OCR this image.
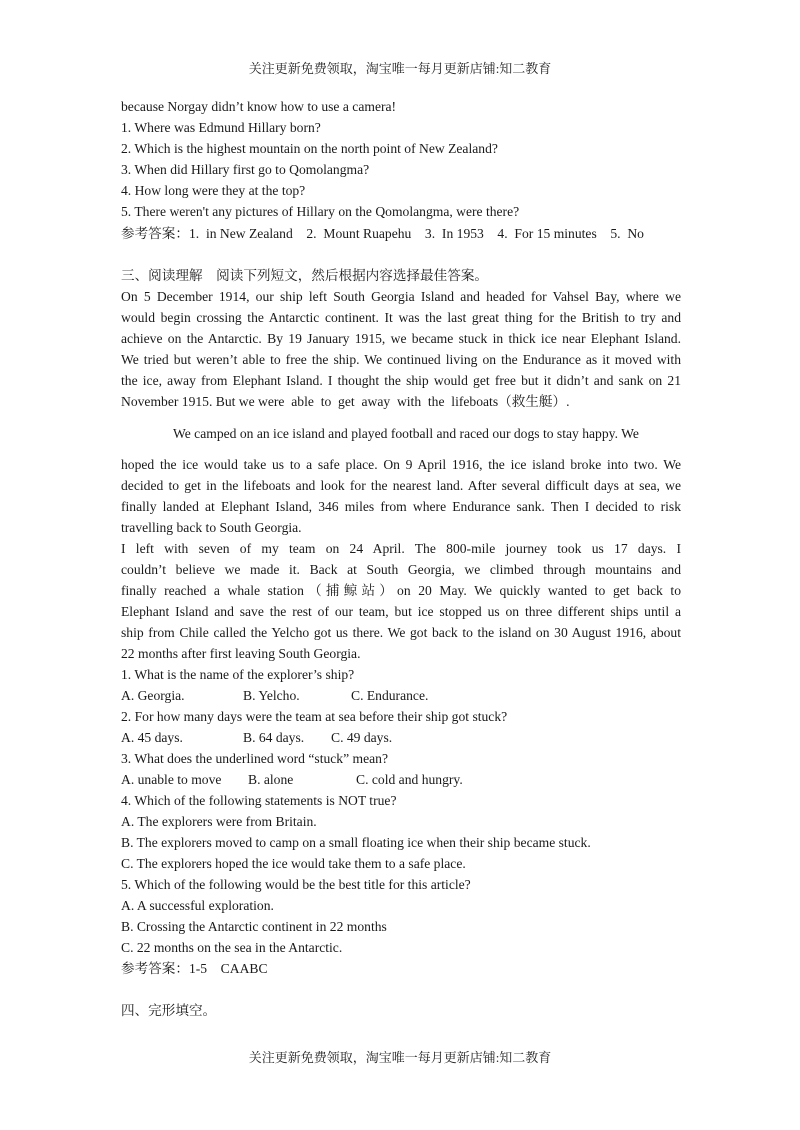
关注更新免费领取，淘宝唯一每月更新店铺:知二教育
because Norgay didn’t know how to use a camera!
1. Where was Edmund Hillary born?
2. Which is the highest mountain on the north point of New Zealand?
3. When did Hillary first go to Qomolangma?
4. How long were they at the top?
5. There weren't any pictures of Hillary on the Qomolangma, were there?
参考答案：1.  in New Zealand    2.  Mount Ruapehu    3.  In 1953    4.  For 15 minutes    5.  No
三、阅读理解    阅读下列短文，然后根据内容选择最佳答案。
On 5 December 1914, our ship left South Georgia Island and headed for Vahsel Bay, where we
would begin crossing the Antarctic continent. It was the last great thing for the British to try and
achieve on the Antarctic. By 19 January 1915, we became stuck in thick ice near Elephant Island.
We tried but weren’t able to free the ship. We continued living on the Endurance as it moved with
the ice, away from Elephant Island. I thought the ship would get free but it didn’t and sank on 21
November 1915. But we were  able  to  get  away  with  the  lifeboats（救生艇）.
We camped on an ice island and played football and raced our dogs to stay happy. We
hoped the ice would take us to a safe place. On 9 April 1916, the ice island broke into two. We
decided to get in the lifeboats and look for the nearest land. After several difficult days at sea, we
finally landed at Elephant Island, 346 miles from where Endurance sank. Then I decided to risk
travelling back to South Georgia.
I left with seven of my team on 24 April. The 800-mile journey took us 17 days. I
couldn’t believe we made it. Back at South Georgia, we climbed through mountains and
finally reached a whale station（捕鲸站）on 20 May. We quickly wanted to get back to
Elephant Island and save the rest of our team, but ice stopped us on three different ships until a
ship from Chile called the Yelcho got us there. We got back to the island on 30 August 1916, about
22 months after first leaving South Georgia.
1. What is the name of the explorer’s ship?
A. Georgia.	B. Yelcho.	C. Endurance.
2. For how many days were the team at sea before their ship got stuck?
A. 45 days.	B. 64 days. C. 49 days.
3. What does the underlined word “stuck” mean?
A. unable to move B. alone	C. cold and hungry.
4. Which of the following statements is NOT true?
A. The explorers were from Britain.
B. The explorers moved to camp on a small floating ice when their ship became stuck.
C. The explorers hoped the ice would take them to a safe place.
5. Which of the following would be the best title for this article?
A. A successful exploration.
B. Crossing the Antarctic continent in 22 months
C. 22 months on the sea in the Antarctic.
参考答案：1-5    CAABC
四、完形填空。
关注更新免费领取，淘宝唯一每月更新店铺:知二教育
